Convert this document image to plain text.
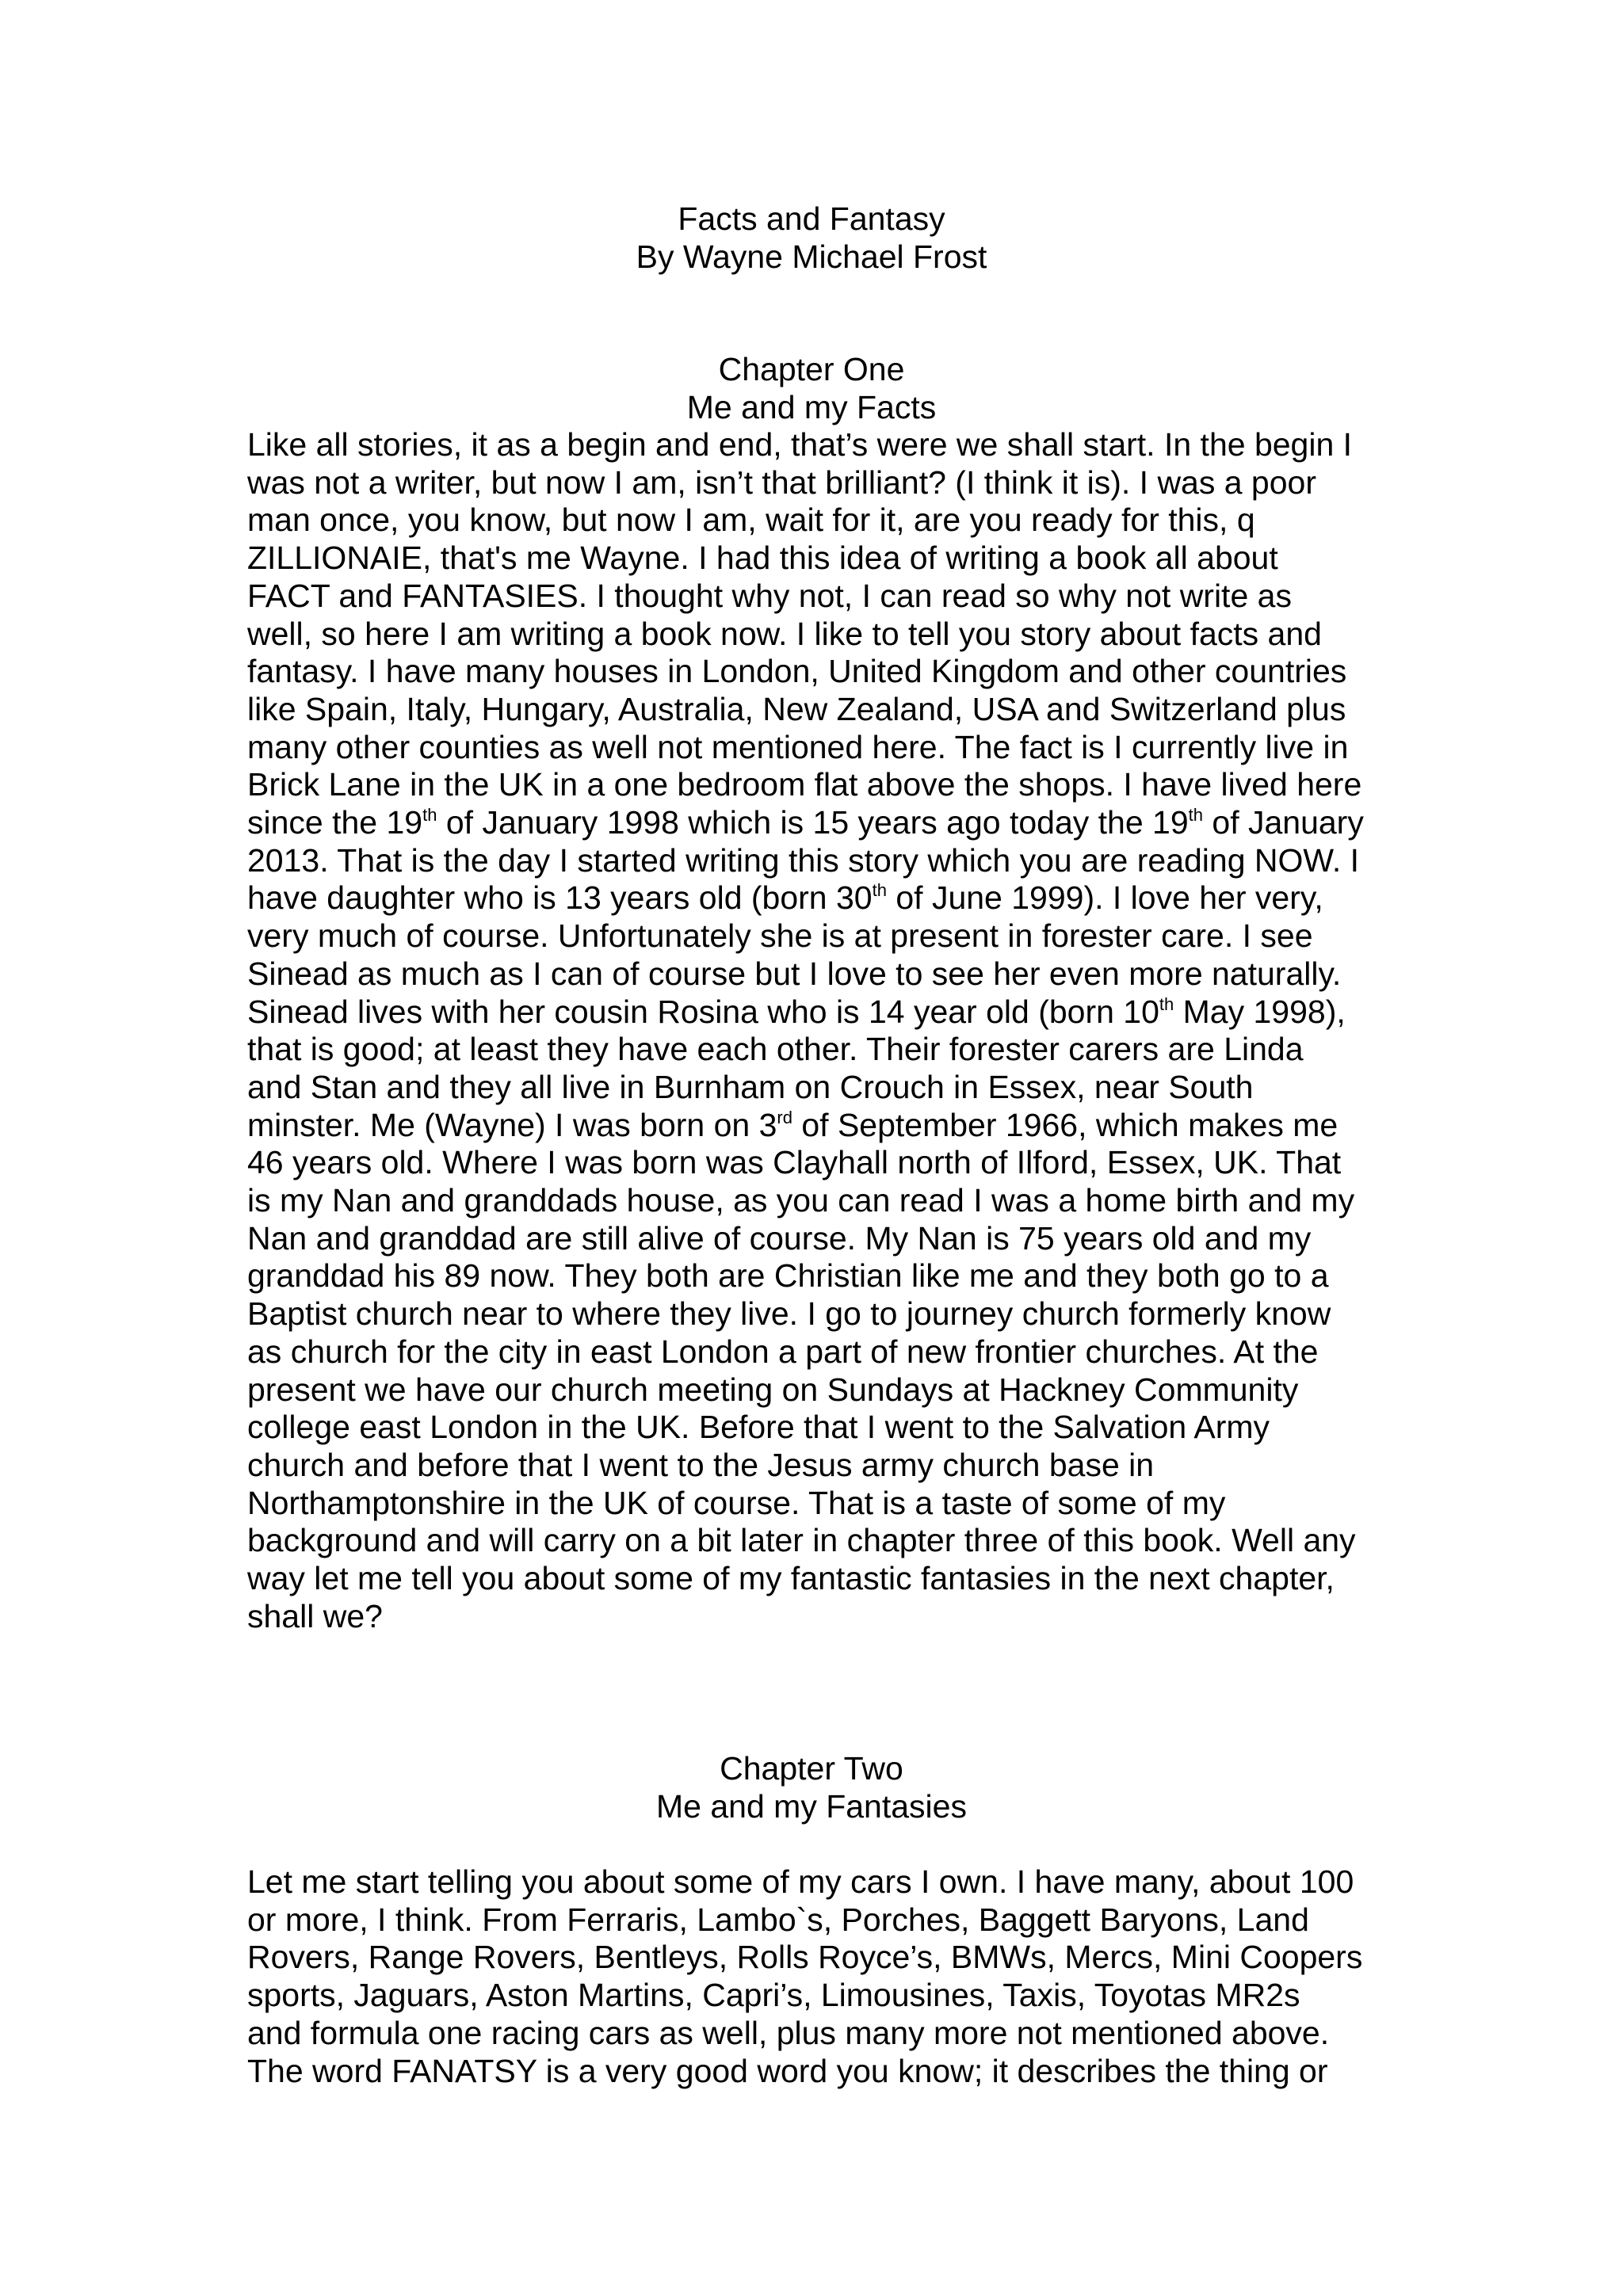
Facts and Fantasy
By Wayne Michael Frost
Chapter One
Me and my Facts
Like all stories, it as a begin and end, that’s were we shall start. In the begin I
was not a writer, but now I am, isn’t that brilliant? (I think it is). I was a poor
man once, you know, but now I am, wait for it, are you ready for this, q
ZILLIONAIE, that's me Wayne. I had this idea of writing a book all about
FACT and FANTASIES. I thought why not, I can read so why not write as
well, so here I am writing a book now. I like to tell you story about facts and
fantasy. I have many houses in London, United Kingdom and other countries
like Spain, Italy, Hungary, Australia, New Zealand, USA and Switzerland plus
many other counties as well not mentioned here. The fact is I currently live in
Brick Lane in the UK in a one bedroom flat above the shops. I have lived here
since the 19th of January 1998 which is 15 years ago today the 19th of January
2013. That is the day I started writing this story which you are reading NOW. I
have daughter who is 13 years old (born 30th of June 1999). I love her very,
very much of course. Unfortunately she is at present in forester care. I see
Sinead as much as I can of course but I love to see her even more naturally.
Sinead lives with her cousin Rosina who is 14 year old (born 10th May 1998),
that is good; at least they have each other. Their forester carers are Linda
and Stan and they all live in Burnham on Crouch in Essex, near South
minster. Me (Wayne) I was born on 3rd of September 1966, which makes me
46 years old. Where I was born was Clayhall north of Ilford, Essex, UK. That
is my Nan and granddads house, as you can read I was a home birth and my
Nan and granddad are still alive of course. My Nan is 75 years old and my
granddad his 89 now. They both are Christian like me and they both go to a
Baptist church near to where they live. I go to journey church formerly know
as church for the city in east London a part of new frontier churches. At the
present we have our church meeting on Sundays at Hackney Community
college east London in the UK. Before that I went to the Salvation Army
church and before that I went to the Jesus army church base in
Northamptonshire in the UK of course. That is a taste of some of my
background and will carry on a bit later in chapter three of this book. Well any
way let me tell you about some of my fantastic fantasies in the next chapter,
shall we?
Chapter Two
Me and my Fantasies
Let me start telling you about some of my cars I own. I have many, about 100
or more, I think. From Ferraris, Lambo`s, Porches, Baggett Baryons, Land
Rovers, Range Rovers, Bentleys, Rolls Royce’s, BMWs, Mercs, Mini Coopers
sports, Jaguars, Aston Martins, Capri’s, Limousines, Taxis, Toyotas MR2s
and formula one racing cars as well, plus many more not mentioned above.
The word FANATSY is a very good word you know; it describes the thing or
